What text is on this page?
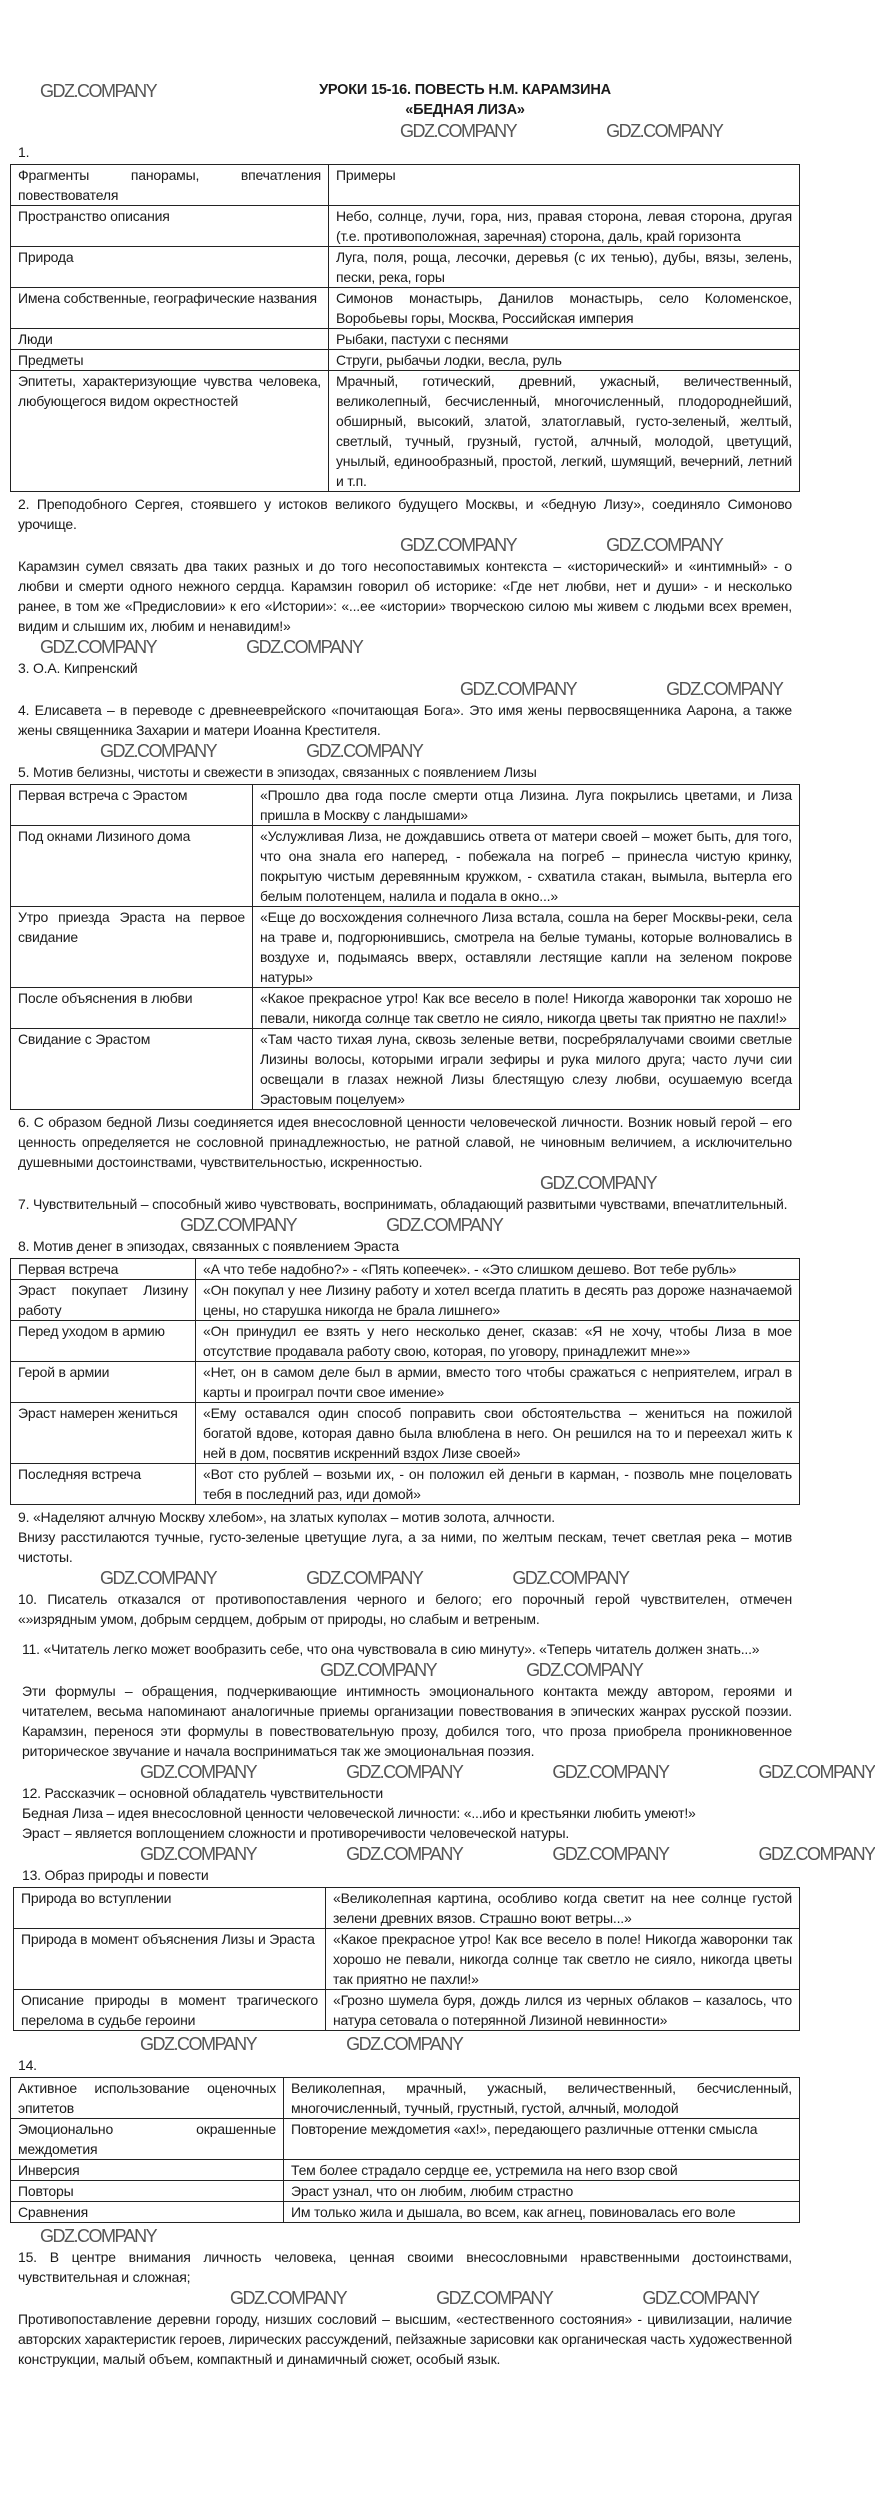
GDZ.COMPANY	УРОКИ 15-16. ПОВЕСТЬ Н.М. КАРАМЗИНА
«БЕДНАЯ ЛИЗА»
GDZ.COMPANY	GDZ.COMPANY
1.
Фрагменты панорамы, впечатления повествователя	Примеры
Пространство описания	Небо, солнце, лучи, гора, низ, правая сторона, левая сторона, другая (т.е. противоположная, заречная) сторона, даль, край горизонта
Природа	Луга, поля, роща, лесочки, деревья (с их тенью), дубы, вязы, зелень, пески, река, горы
Имена собственные, географические названия	Симонов монастырь, Данилов монастырь, село Коломенское, Воробьевы горы, Москва, Российская империя
Люди	Рыбаки, пастухи с песнями
Предметы	Струги, рыбачьи лодки, весла, руль
Эпитеты, характеризующие чувства человека, любующегося видом окрестностей	Мрачный, готический, древний, ужасный, величественный, великолепный, бесчисленный, многочисленный, плодороднейший, обширный, высокий, златой, златоглавый, густо-зеленый, желтый, светлый, тучный, грузный, густой, алчный, молодой, цветущий, унылый, единообразный, простой, легкий, шумящий, вечерний, летний и т.п.
2. Преподобного Сергея, стоявшего у истоков великого будущего Москвы, и «бедную Лизу», соединяло Симоново урочище.
GDZ.COMPANY	GDZ.COMPANY
Карамзин сумел связать два таких разных и до того несопоставимых контекста – «исторический» и «интимный» - о любви и смерти одного нежного сердца. Карамзин говорил об историке: «Где нет любви, нет и души» - и несколько ранее, в том же «Предисловии» к его «Истории»: «...ее «истории» творческою силою мы живем с людьми всех времен, видим и слышим их, любим и ненавидим!»
GDZ.COMPANY	GDZ.COMPANY
3. О.А. Кипренский
GDZ.COMPANY	GDZ.COMPANY
4. Елисавета – в переводе с древнееврейского «почитающая Бога». Это имя жены первосвященника Аарона, а также жены священника Захарии и матери Иоанна Крестителя.
GDZ.COMPANY	GDZ.COMPANY
5. Мотив белизны, чистоты и свежести в эпизодах, связанных с появлением Лизы
Первая встреча с Эрастом	«Прошло два года после смерти отца Лизина. Луга покрылись цветами, и Лиза пришла в Москву с ландышами»
Под окнами Лизиного дома	«Услужливая Лиза, не дождавшись ответа от матери своей – может быть, для того, что она знала его наперед, - побежала на погреб – принесла чистую кринку, покрытую чистым деревянным кружком, - схватила стакан, вымыла, вытерла его белым полотенцем, налила и подала в окно...»
Утро приезда Эраста на первое свидание	«Еще до восхождения солнечного Лиза встала, сошла на берег Москвы-реки, села на траве и, подгорюнившись, смотрела на белые туманы, которые волновались в воздухе и, подымаясь вверх, оставляли лестящие капли на зеленом покрове натуры»
После объяснения в любви	«Какое прекрасное утро! Как все весело в поле! Никогда жаворонки так хорошо не певали, никогда солнце так светло не сияло, никогда цветы так приятно не пахли!»
Свидание с Эрастом	«Там часто тихая луна, сквозь зеленые ветви, посребрялалучами своими светлые Лизины волосы, которыми играли зефиры и рука милого друга; часто лучи сии освещали в глазах нежной Лизы блестящую слезу любви, осушаемую всегда Эрастовым поцелуем»
6. С образом бедной Лизы соединяется идея внесословной ценности человеческой личности. Возник новый герой – его ценность определяется не сословной принадлежностью, не ратной славой, не чиновным величием, а исключительно душевными достоинствами, чувствительностью, искренностью.
GDZ.COMPANY
7. Чувствительный – способный живо чувствовать, воспринимать, обладающий развитыми чувствами, впечатлительный.
GDZ.COMPANY	GDZ.COMPANY
8. Мотив денег в эпизодах, связанных с появлением Эраста
Первая встреча	«А что тебе надобно?» - «Пять копеечек». - «Это слишком дешево. Вот тебе рубль»
Эраст покупает Лизину работу	«Он покупал у нее Лизину работу и хотел всегда платить в десять раз дороже назначаемой цены, но старушка никогда не брала лишнего»
Перед уходом в армию	«Он принудил ее взять у него несколько денег, сказав: «Я не хочу, чтобы Лиза в мое отсутствие продавала работу свою, которая, по уговору, принадлежит мне»»
Герой в армии	«Нет, он в самом деле был в армии, вместо того чтобы сражаться с неприятелем, играл в карты и проиграл почти свое имение»
Эраст намерен жениться	«Ему оставался один способ поправить свои обстоятельства – жениться на пожилой богатой вдове, которая давно была влюблена в него. Он решился на то и переехал жить к ней в дом, посвятив искренний вздох Лизе своей»
Последняя встреча	«Вот сто рублей – возьми их, - он положил ей деньги в карман, - позволь мне поцеловать тебя в последний раз, иди домой»
9. «Наделяют алчную Москву хлебом», на златых куполах – мотив золота, алчности.
Внизу расстилаются тучные, густо-зеленые цветущие луга, а за ними, по желтым пескам, течет светлая река – мотив чистоты.
GDZ.COMPANY	GDZ.COMPANY	GDZ.COMPANY
10. Писатель отказался от противопоставления черного и белого; его порочный герой чувствителен, отмечен «»изрядным умом, добрым сердцем, добрым от природы, но слабым и ветреным.
11. «Читатель легко может вообразить себе, что она чувствовала в сию минуту». «Теперь читатель должен знать...»
GDZ.COMPANY	GDZ.COMPANY
Эти формулы – обращения, подчеркивающие интимность эмоционального контакта между автором, героями и читателем, весьма напоминают аналогичные приемы организации повествования в эпических жанрах русской поэзии. Карамзин, перенося эти формулы в повествовательную прозу, добился того, что проза приобрела проникновенное риторическое звучание и начала восприниматься так же эмоциональная поэзия.
GDZ.COMPANY	GDZ.COMPANY	GDZ.COMPANY	GDZ.COMPANY
12. Рассказчик – основной обладатель чувствительности
Бедная Лиза – идея внесословной ценности человеческой личности: «...ибо и крестьянки любить умеют!»
Эраст – является воплощением сложности и противоречивости человеческой натуры.
GDZ.COMPANY	GDZ.COMPANY	GDZ.COMPANY	GDZ.COMPANY
13. Образ природы и повести
Природа во вступлении	«Великолепная картина, особливо когда светит на нее солнце густой зелени древних вязов. Страшно воют ветры...»
Природа в момент объяснения Лизы и Эраста	«Какое прекрасное утро! Как все весело в поле! Никогда жаворонки так хорошо не певали, никогда солнце так светло не сияло, никогда цветы так приятно не пахли!»
Описание природы в момент трагического перелома в судьбе героини	«Грозно шумела буря, дождь лился из черных облаков – казалось, что натура сетовала о потерянной Лизиной невинности»
GDZ.COMPANY	GDZ.COMPANY
14.
Активное использование оценочных эпитетов	Великолепная, мрачный, ужасный, величественный, бесчисленный, многочисленный, тучный, грустный, густой, алчный, молодой
Эмоционально окрашенные междометия	Повторение междометия «ах!», передающего различные оттенки смысла
Инверсия	Тем более страдало сердце ее, устремила на него взор свой
Повторы	Эраст узнал, что он любим, любим страстно
Сравнения	Им только жила и дышала, во всем, как агнец, повиновалась его воле
GDZ.COMPANY
15. В центре внимания личность человека, ценная своими внесословными нравственными достоинствами, чувствительная и сложная;
GDZ.COMPANY	GDZ.COMPANY	GDZ.COMPANY
Противопоставление деревни городу, низших сословий – высшим, «естественного состояния» - цивилизации, наличие авторских характеристик героев, лирических рассуждений, пейзажные зарисовки как органическая часть художественной конструкции, малый объем, компактный и динамичный сюжет, особый язык.
